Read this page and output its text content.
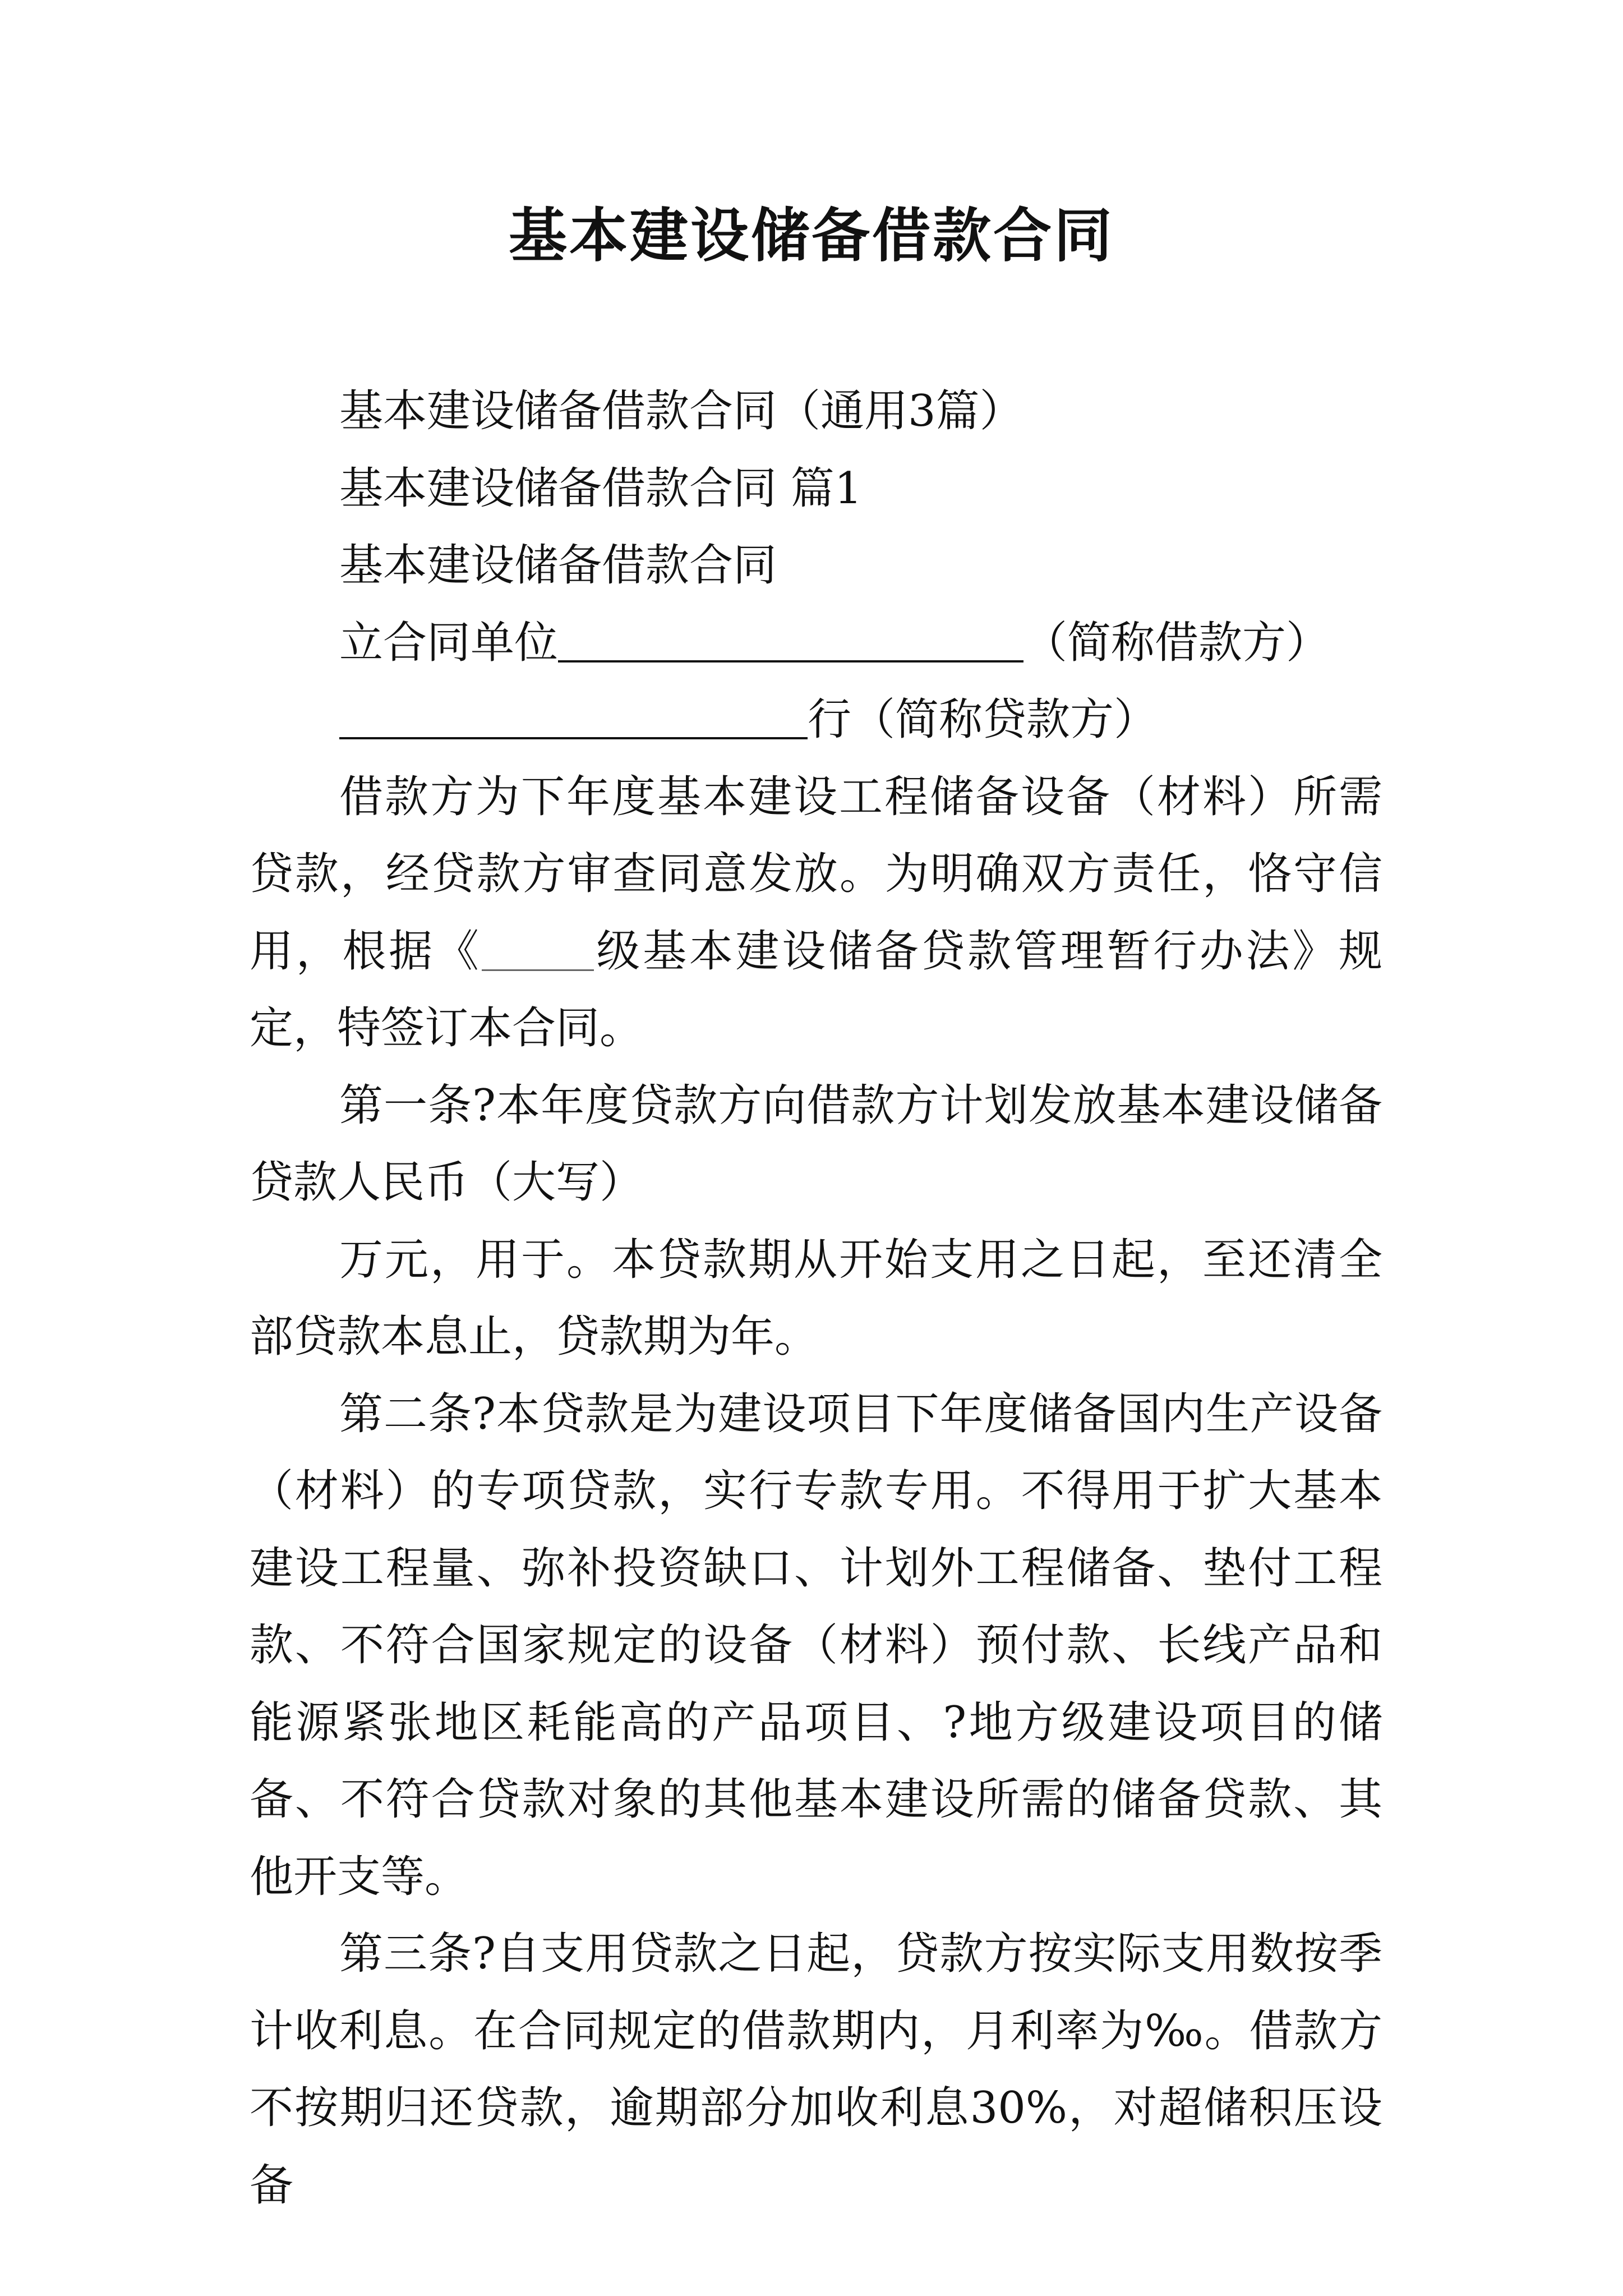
基本建设储备借款合同

基本建设储备借款合同（通用3篇）

基本建设储备借款合同 篇1

基本建设储备借款合同

立合同单位	（简称借款方）

行（简称贷款方）

借款方为下年度基本建设工程储备设备（材料）所需贷款，经贷款方审查同意发放。为明确双方责任，恪守信用，根据《	级基本建设储备贷款管理暂行办法》规定，特签订本合同。

第一条?本年度贷款方向借款方计划发放基本建设储备贷款人民币（大写）

万元，用于。本贷款期从开始支用之日起，至还清全部贷款本息止，贷款期为年。

第二条?本贷款是为建设项目下年度储备国内生产设备（材料）的专项贷款，实行专款专用。不得用于扩大基本建设工程量、弥补投资缺口、计划外工程储备、垫付工程款、不符合国家规定的设备（材料）预付款、长线产品和能源紧张地区耗能高的产品项目、?地方级建设项目的储备、不符合贷款对象的其他基本建设所需的储备贷款、其他开支等。

第三条?自支用贷款之日起，贷款方按实际支用数按季计收利息。在合同规定的借款期内，月利率为‰。借款方不按期归还贷款，逾期部分加收利息30%，对超储积压设备
